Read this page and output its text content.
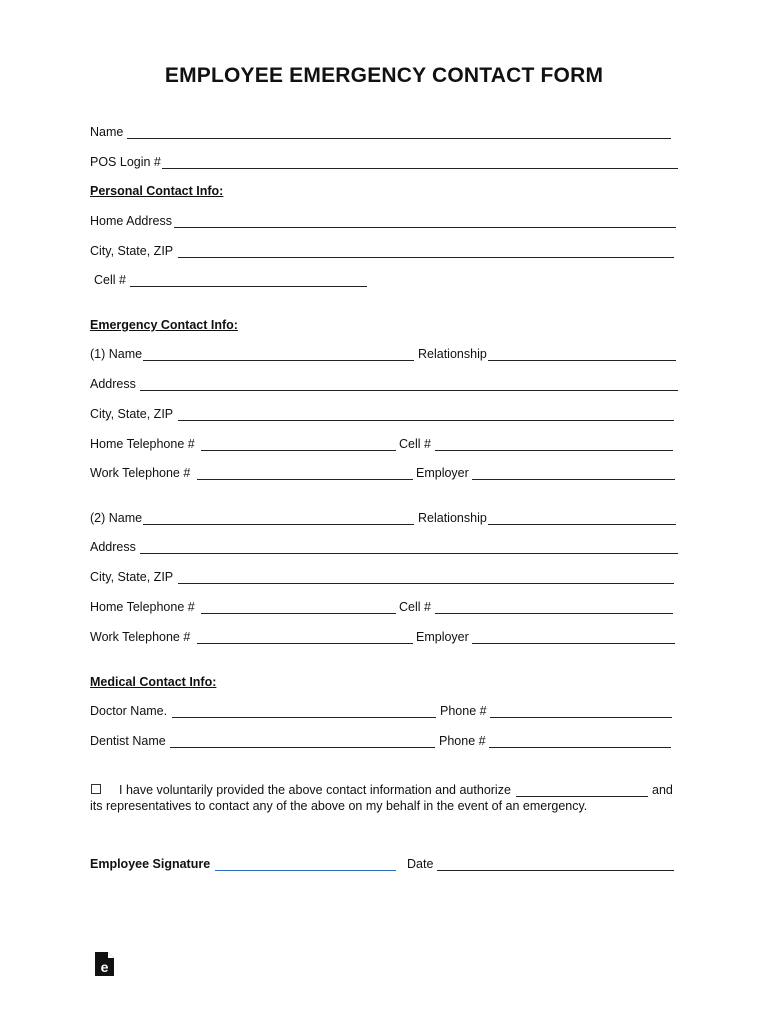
EMPLOYEE EMERGENCY CONTACT FORM
Name
POS Login #
Personal Contact Info:
Home Address
City, State, ZIP
Cell #
Emergency Contact Info:
(1) Name	Relationship
Address
City, State, ZIP
Home Telephone #	Cell #
Work Telephone #	Employer
(2) Name	Relationship
Address
City, State, ZIP
Home Telephone #	Cell #
Work Telephone #	Employer
Medical Contact Info:
Doctor Name.	Phone #
Dentist Name	Phone #
I have voluntarily provided the above contact information and authorize	and
its representatives to contact any of the above on my behalf in the event of an emergency.
Employee Signature	Date
e
